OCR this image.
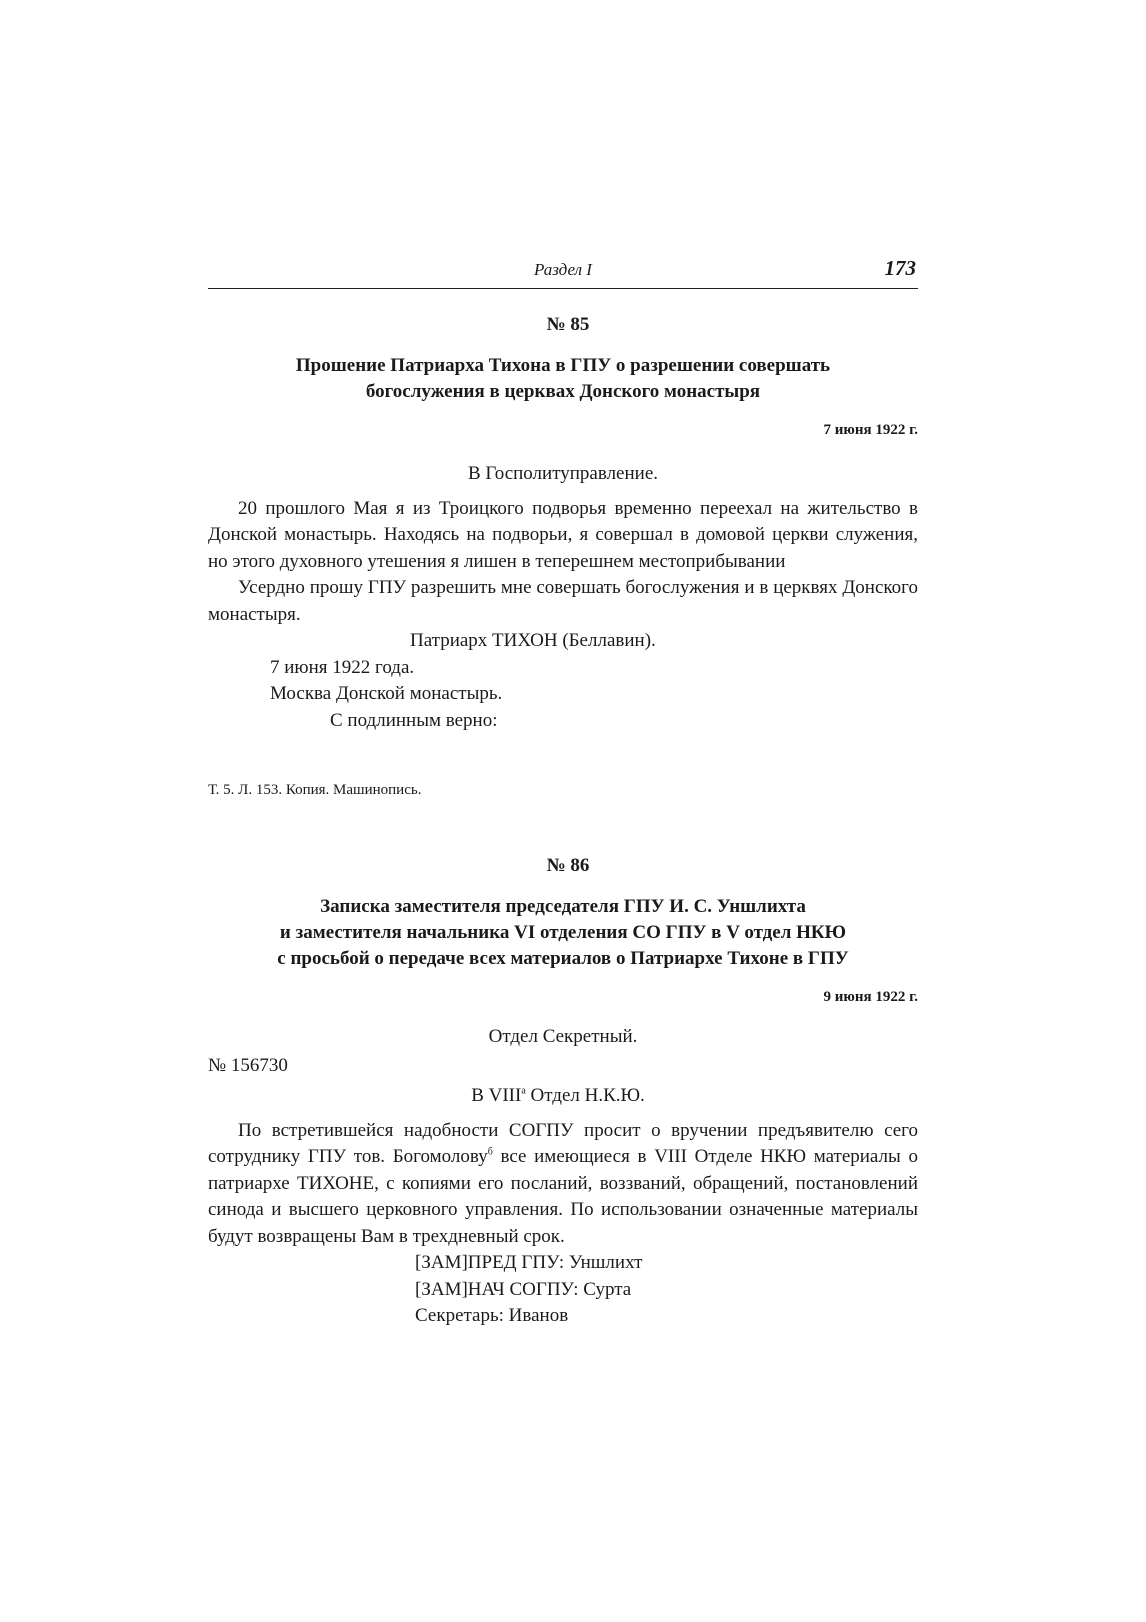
Раздел I	173
№ 85
Прошение Патриарха Тихона в ГПУ о разрешении совершать
богослужения в церквах Донского монастыря
7 июня 1922 г.
В Госполитуправление.
20 прошлого Мая я из Троицкого подворья временно переехал на жительство в Донской монастырь. Находясь на подворьи, я совершал в домовой церкви служения, но этого духовного утешения я лишен в теперешнем местоприбывании
Усердно прошу ГПУ разрешить мне совершать богослужения и в церквях Донского монастыря.
Патриарх ТИХОН (Беллавин).
7 июня 1922 года.
Москва Донской монастырь.
С подлинным верно:
Т. 5. Л. 153. Копия. Машинопись.
№ 86
Записка заместителя председателя ГПУ И. С. Уншлихта
и заместителя начальника VI отделения СО ГПУ в V отдел НКЮ
с просьбой о передаче всех материалов о Патриархе Тихоне в ГПУ
9 июня 1922 г.
Отдел Секретный.
№ 156730
В VIII$^а$ Отдел Н.К.Ю.
По встретившейся надобности СОГПУ просит о вручении предъявителю сего сотруднику ГПУ тов. Богомолову$^б$ все имеющиеся в VIII Отделе НКЮ материалы о патриархе ТИХОНЕ, с копиями его посланий, воззваний, обращений, постановлений синода и высшего церковного управления. По использовании означенные материалы будут возвращены Вам в трехдневный срок.
[ЗАМ]ПРЕД ГПУ: Уншлихт
[ЗАМ]НАЧ СОГПУ: Сурта
Секретарь: Иванов
